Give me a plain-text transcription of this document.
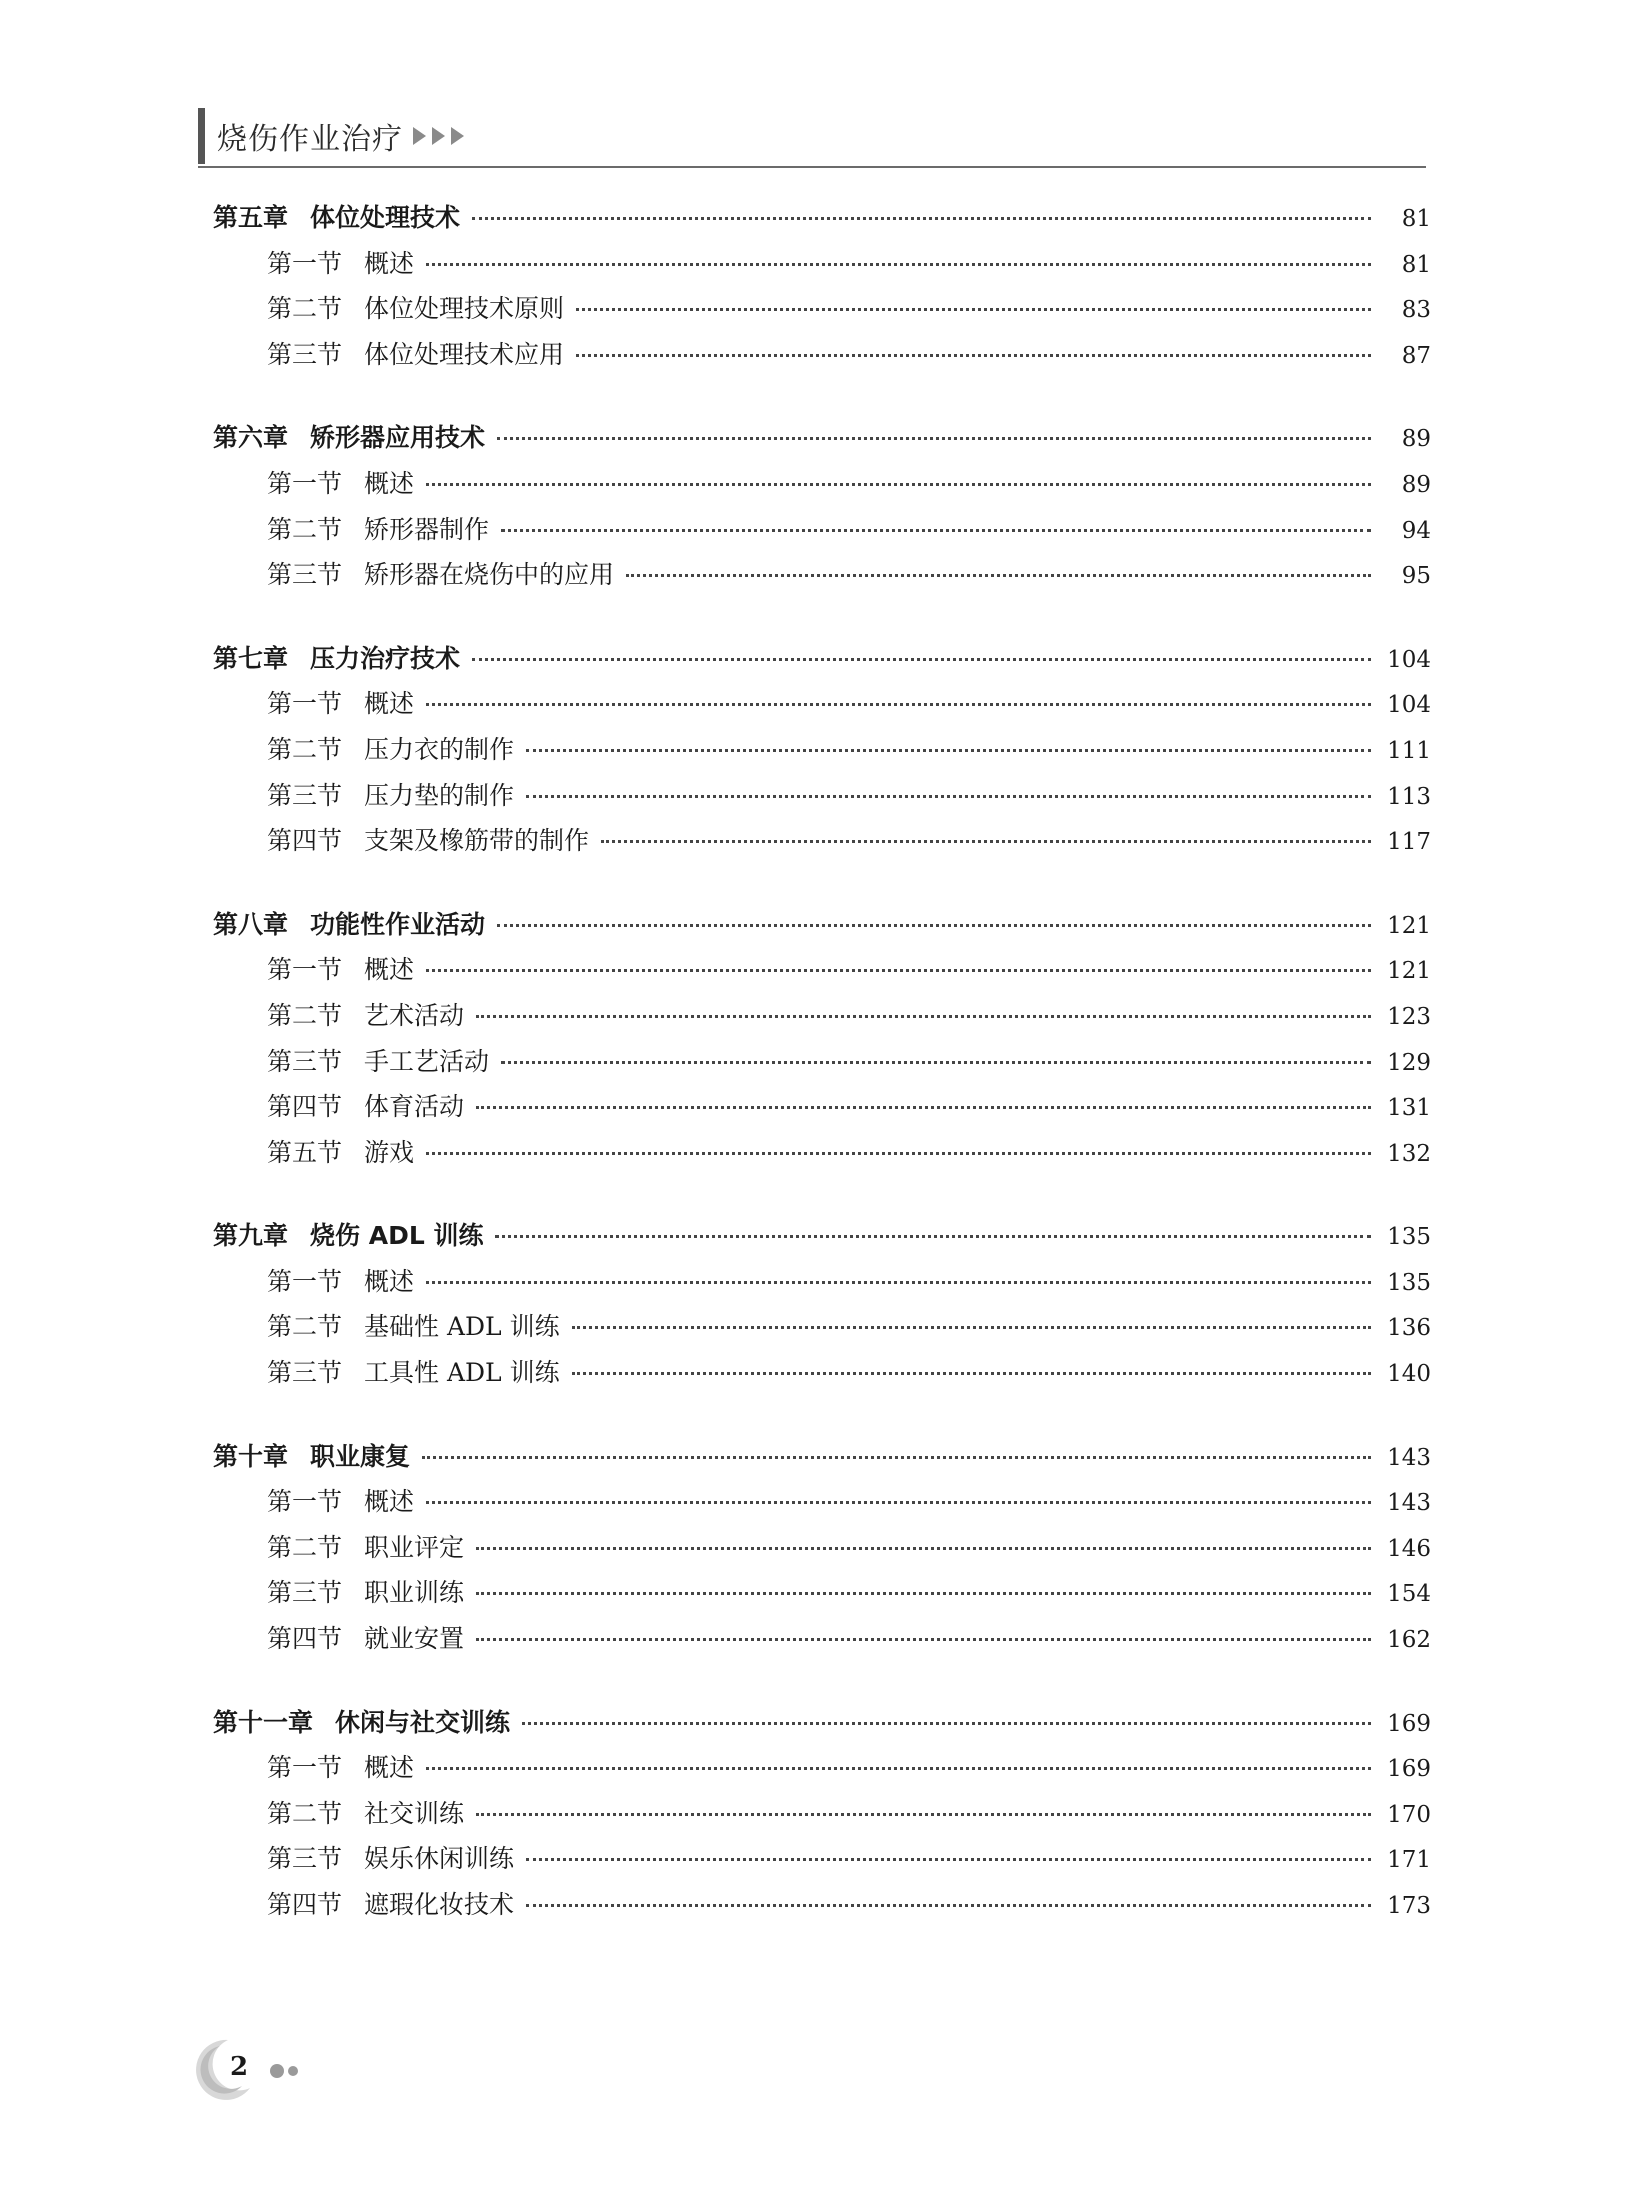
烧伤作业治疗
第五章 体位处理技术	81
第一节 概述	81
第二节 体位处理技术原则	83
第三节 体位处理技术应用	87
第六章 矫形器应用技术	89
第一节 概述	89
第二节 矫形器制作	94
第三节 矫形器在烧伤中的应用	95
第七章 压力治疗技术	104
第一节 概述	104
第二节 压力衣的制作	111
第三节 压力垫的制作	113
第四节 支架及橡筋带的制作	117
第八章 功能性作业活动	121
第一节 概述	121
第二节 艺术活动	123
第三节 手工艺活动	129
第四节 体育活动	131
第五节 游戏	132
第九章 烧伤 ADL 训练	135
第一节 概述	135
第二节 基础性 ADL 训练	136
第三节 工具性 ADL 训练	140
第十章 职业康复	143
第一节 概述	143
第二节 职业评定	146
第三节 职业训练	154
第四节 就业安置	162
第十一章 休闲与社交训练	169
第一节 概述	169
第二节 社交训练	170
第三节 娱乐休闲训练	171
第四节 遮瑕化妆技术	173
2
